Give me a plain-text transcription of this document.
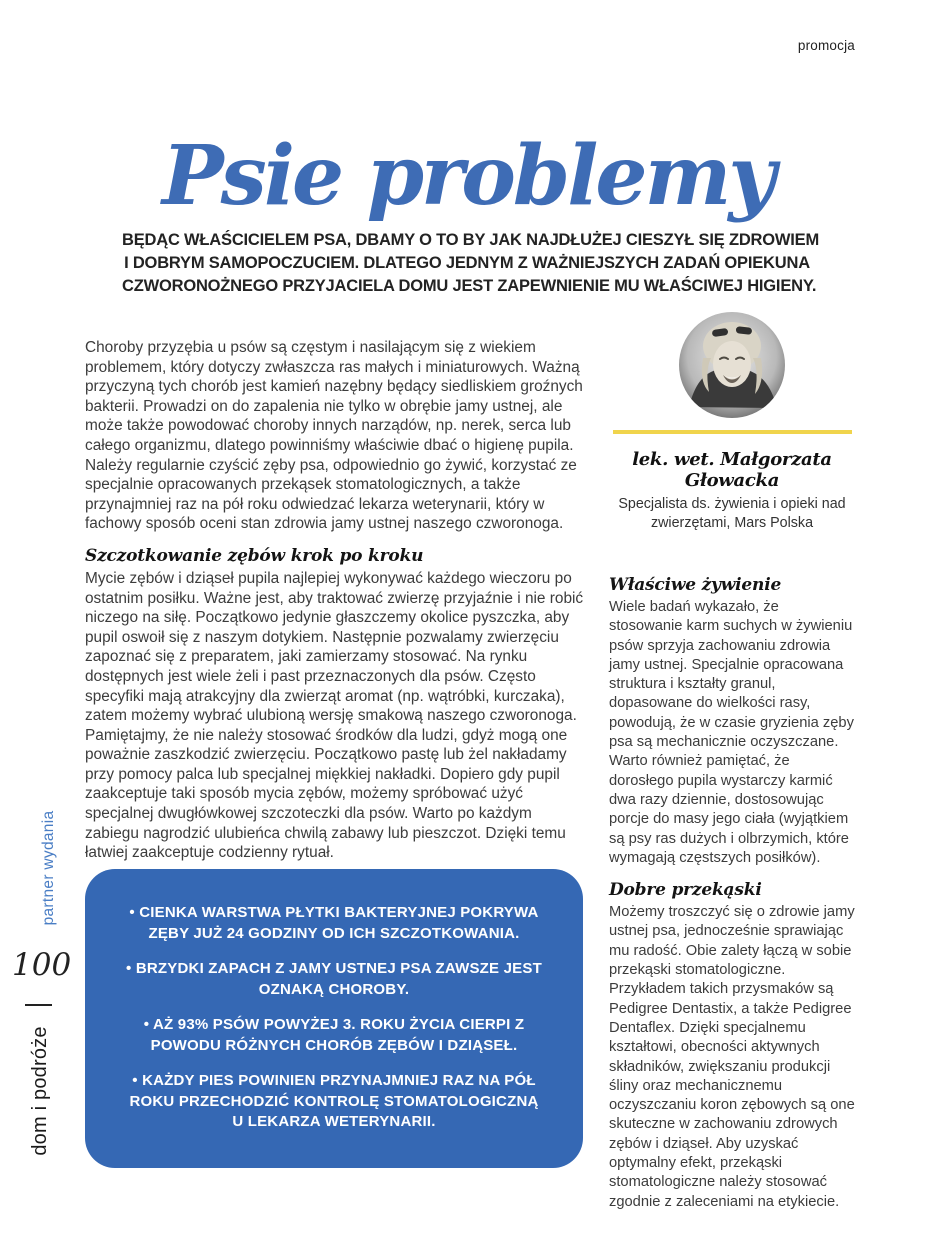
promocja
Psie problemy
BĘDĄC WŁAŚCICIELEM PSA, DBAMY O TO BY JAK NAJDŁUŻEJ CIESZYŁ SIĘ ZDROWIEM
I DOBRYM SAMOPOCZUCIEM. DLATEGO JEDNYM Z WAŻNIEJSZYCH ZADAŃ OPIEKUNA
CZWORONOŻNEGO PRZYJACIELA DOMU JEST ZAPEWNIENIE MU WŁAŚCIWEJ HIGIENY.

Choroby przyzębia u psów są częstym i nasilającym się z wiekiem problemem, który dotyczy zwłaszcza ras małych i miniaturowych. Ważną przyczyną tych chorób jest kamień nazębny będący siedliskiem groźnych bakterii. Prowadzi on do zapalenia nie tylko w obrębie jamy ustnej, ale może także powodować choroby innych narządów, np. nerek, serca lub całego organizmu, dlatego powinniśmy właściwie dbać o higienę pupila. Należy regularnie czyścić zęby psa, odpowiednio go żywić, korzystać ze specjalnie opracowanych przekąsek stomatologicznych, a także przynajmniej raz na pół roku odwiedzać lekarza weterynarii, który w fachowy sposób oceni stan zdrowia jamy ustnej naszego czworonoga.

Szczotkowanie zębów krok po kroku

Mycie zębów i dziąseł pupila najlepiej wykonywać każdego wieczoru po ostatnim posiłku. Ważne jest, aby traktować zwierzę przyjaźnie i nie robić niczego na siłę. Początkowo jedynie głaszczemy okolice pyszczka, aby pupil oswoił się z naszym dotykiem. Następnie pozwalamy zwierzęciu zapoznać się z preparatem, jaki zamierzamy stosować. Na rynku dostępnych jest wiele żeli i past przeznaczonych dla psów. Często specyfiki mają atrakcyjny dla zwierząt aromat (np. wątróbki, kurczaka), zatem możemy wybrać ulubioną wersję smakową naszego czworonoga. Pamiętajmy, że nie należy stosować środków dla ludzi, gdyż mogą one poważnie zaszkodzić zwierzęciu. Początkowo pastę lub żel nakładamy przy pomocy palca lub specjalnej miękkiej nakładki. Dopiero gdy pupil zaakceptuje taki sposób mycia zębów, możemy spróbować użyć specjalnej dwugłówkowej szczoteczki dla psów. Warto po każdym zabiegu nagrodzić ulubieńca chwilą zabawy lub pieszczot. Dzięki temu łatwiej zaakceptuje codzienny rytuał.

• CIENKA WARSTWA PŁYTKI BAKTERYJNEJ POKRYWA ZĘBY JUŻ 24 GODZINY OD ICH SZCZOTKOWANIA.
• BRZYDKI ZAPACH Z JAMY USTNEJ PSA ZAWSZE JEST OZNAKĄ CHOROBY.
• AŻ 93% PSÓW POWYŻEJ 3. ROKU ŻYCIA CIERPI Z POWODU RÓŻNYCH CHORÓB ZĘBÓW I DZIĄSEŁ.
• KAŻDY PIES POWINIEN PRZYNAJMNIEJ RAZ NA PÓŁ ROKU PRZECHODZIĆ KONTROLĘ STOMATOLOGICZNĄ U LEKARZA WETERYNARII.
lek. wet. Małgorzata Głowacka
Specjalista ds. żywienia i opieki nad zwierzętami, Mars Polska
Właściwe żywienie

Wiele badań wykazało, że stosowanie karm suchych w żywieniu psów sprzyja zachowaniu zdrowia jamy ustnej. Specjalnie opracowana struktura i kształty granul, dopasowane do wielkości rasy, powodują, że w czasie gryzienia zęby psa są mechanicznie oczyszczane. Warto również pamiętać, że dorosłego pupila wystarczy karmić dwa razy dziennie, dostosowując porcje do masy jego ciała (wyjątkiem są psy ras dużych i olbrzymich, które wymagają częstszych posiłków).

Dobre przekąski

Możemy troszczyć się o zdrowie jamy ustnej psa, jednocześnie sprawiając mu radość. Obie zalety łączą w sobie przekąski stomatologiczne. Przykładem takich przysmaków są Pedigree Dentastix, a także Pedigree Dentaflex. Dzięki specjalnemu kształtowi, obecności aktywnych składników, zwiększaniu produkcji śliny oraz mechanicznemu oczyszczaniu koron zębowych są one skuteczne w zachowaniu zdrowych zębów i dziąseł. Aby uzyskać optymalny efekt, przekąski stomatologiczne należy stosować zgodnie z zaleceniami na etykiecie.

partner wydania
100
dom i podróże
